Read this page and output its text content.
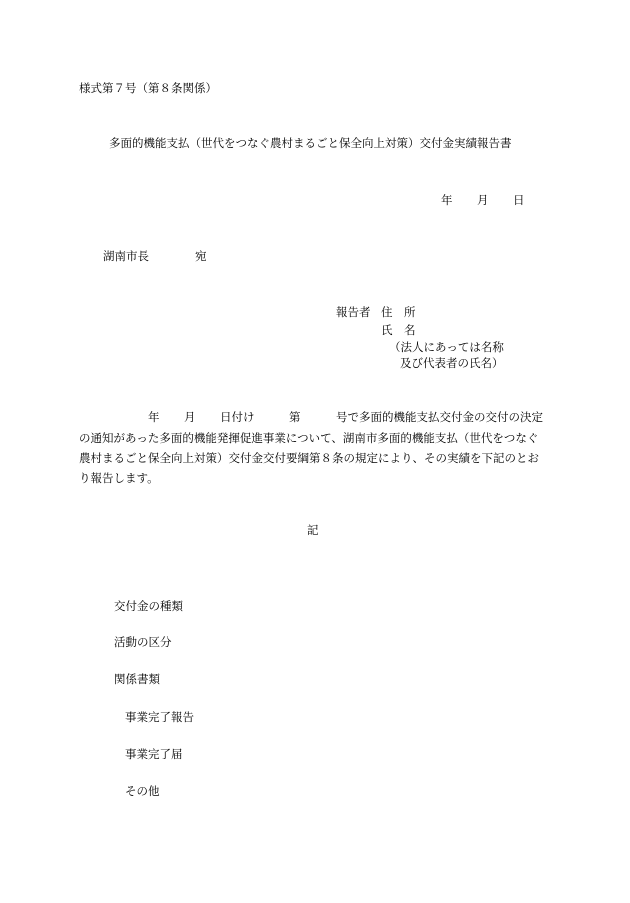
様式第７号（第８条関係）
多面的機能支払（世代をつなぐ農村まるごと保全向上対策）交付金実績報告書
年 月 日
湖南市長	宛
報告者 住　所
氏　名
（法人にあっては名称
及び代表者の氏名）
年 月 日付け	第	号で多面的機能支払交付金の交付の決定
の通知があった多面的機能発揮促進事業について、湖南市多面的機能支払（世代をつなぐ
農村まるごと保全向上対策）交付金交付要綱第８条の規定により、その実績を下記のとお
り報告します。
記
交付金の種類
活動の区分
関係書類
事業完了報告
事業完了届
その他
